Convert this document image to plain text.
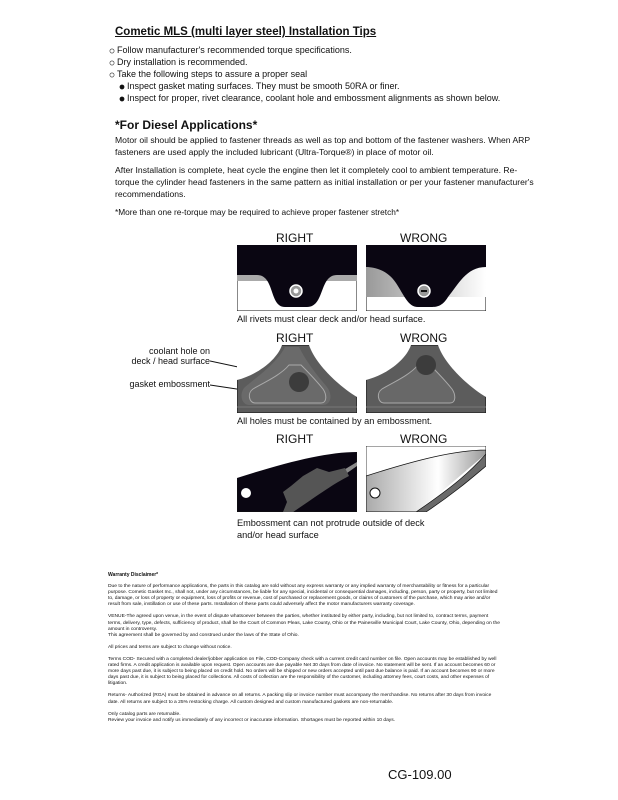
Cometic MLS (multi layer steel) Installation Tips
Follow manufacturer's recommended torque specifications.
Dry installation is recommended.
Take the following steps to assure a proper seal
Inspect gasket mating surfaces. They must be smooth 50RA or finer.
Inspect for proper, rivet clearance, coolant hole and embossment alignments as shown below.
*For Diesel Applications*
Motor oil should be applied to fastener threads as well as top and bottom of the fastener washers. When ARP fasteners are used apply the included lubricant (Ultra-Torque®) in place of motor oil.
After Installation is complete, heat cycle the engine then let it completely cool to ambient temperature. Re-torque the cylinder head fasteners in the same pattern as initial installation or per your fastener manufacturer's recommendations.
*More than one re-torque may be required to achieve proper fastener stretch*
RIGHT	WRONG
All rivets must clear deck and/or head surface.
RIGHT	WRONG
coolant hole on
deck / head surface
gasket embossment
All holes must be contained by an embossment.
RIGHT	WRONG
Embossment can not protrude outside of deck
and/or head surface
Warranty Disclaimer*

Due to the nature of performance applications, the parts in this catalog are sold without any express warranty or any implied warranty of merchantability or fitness for a particular purpose. Cometic Gasket Inc., shall not, under any circumstances, be liable for any special, incidental or consequential damages, including, person, party or property, but not limited to, damage, or loss of property or equipment, loss of profits or revenue, cost of purchased or replacement goods, or claims of customers of the purchase, which may arise and/or result from sale, instillation or use of these parts. Installation of these parts could adversely affect the motor manufacturers warranty coverage.

VENUE-The agreed upon venue, in the event of dispute whatsoever between the parties, whether instituted by either party, including, but not limited to, contract terms, payment terms, delivery, type, defects, sufficiency of product, shall be the Court of Common Pleas, Lake County, Ohio or the Painesville Municipal Court, Lake County, Ohio, depending on the amount in controversy.
This agreement shall be governed by and construed under the laws of the State of Ohio.

All prices and terms are subject to change without notice.

Terms COD- Secured with a completed dealer/jobber application on File, COD-Company check with a current credit card number on file. Open accounts may be established by well rated firms. A credit application is available upon request. Open accounts are due payable Net 30 days from date of invoice. No statement will be sent. If an account becomes 60 or more days past due, it is subject to being placed on credit hold. No orders will be shipped or new orders accepted until past due balance is paid. If an account becomes 90 or more days past due, it is subject to being placed for collections. All costs of collection are the responsibility of the customer, including attorney fees, court costs, and other expenses of litigation.

Returns- Authorized (RGA) must be obtained in advance on all returns. A packing slip or invoice number must accompany the merchandise. No returns after 30 days from invoice date. All returns are subject to a 25% restocking charge. All custom designed and custom manufactured gaskets are non-returnable.

Only catalog parts are returnable.
Review your invoice and notify us immediately of any incorrect or inaccurate information. Shortages must be reported within 10 days.

CG-109.00
